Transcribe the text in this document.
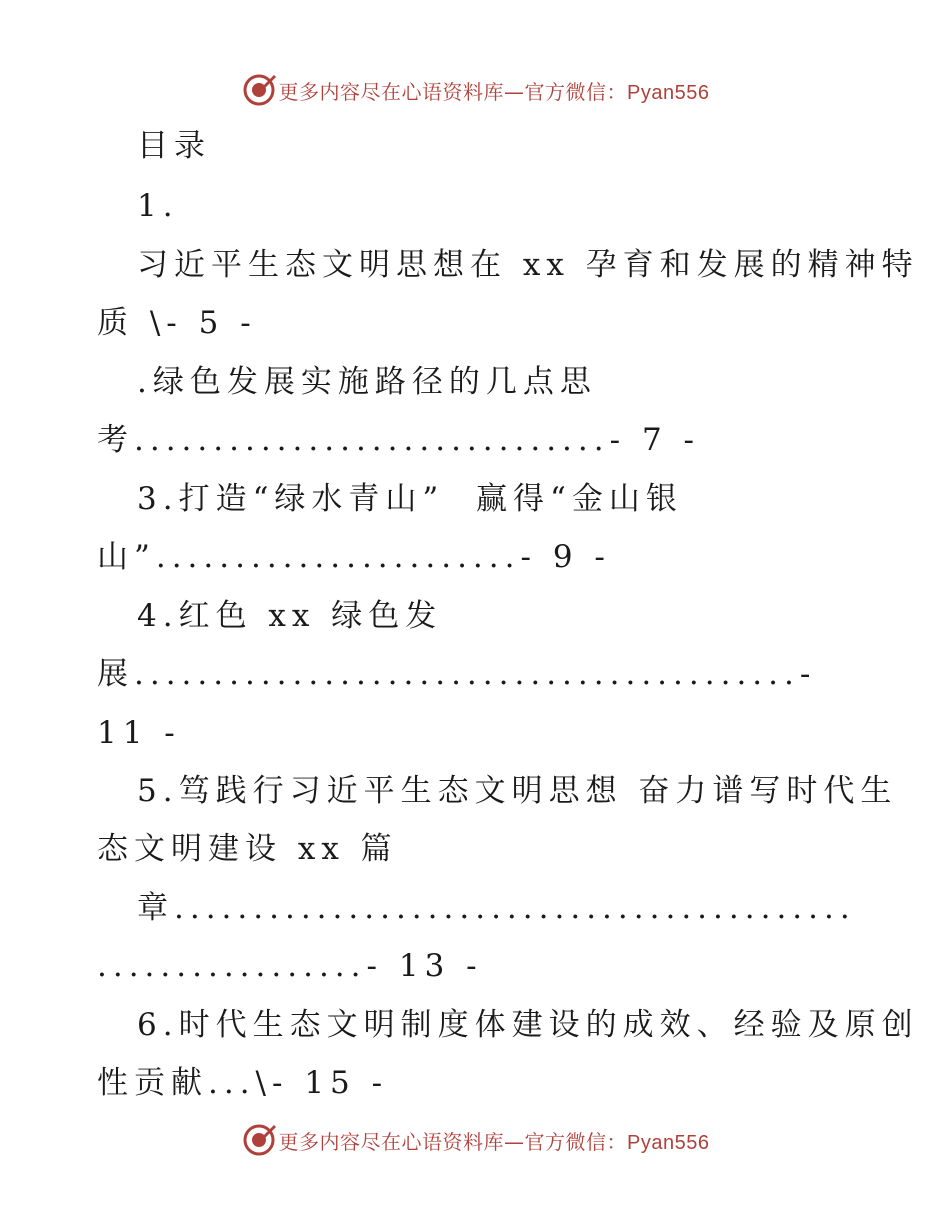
更多内容尽在心语资料库—官方微信：Pyan556
目录
1.
习近平生态文明思想在 xx 孕育和发展的精神特
质 \- 5 -
.绿色发展实施路径的几点思
考..............................- 7 -
3.打造“绿水青山”  赢得“金山银
山”.......................- 9 -
4.红色 xx 绿色发
展..........................................-
11 -
5.笃践行习近平生态文明思想 奋力谱写时代生
态文明建设 xx 篇
章...........................................
.................- 13 -
6.时代生态文明制度体建设的成效、经验及原创
性贡献...\- 15 -
更多内容尽在心语资料库—官方微信：Pyan556
